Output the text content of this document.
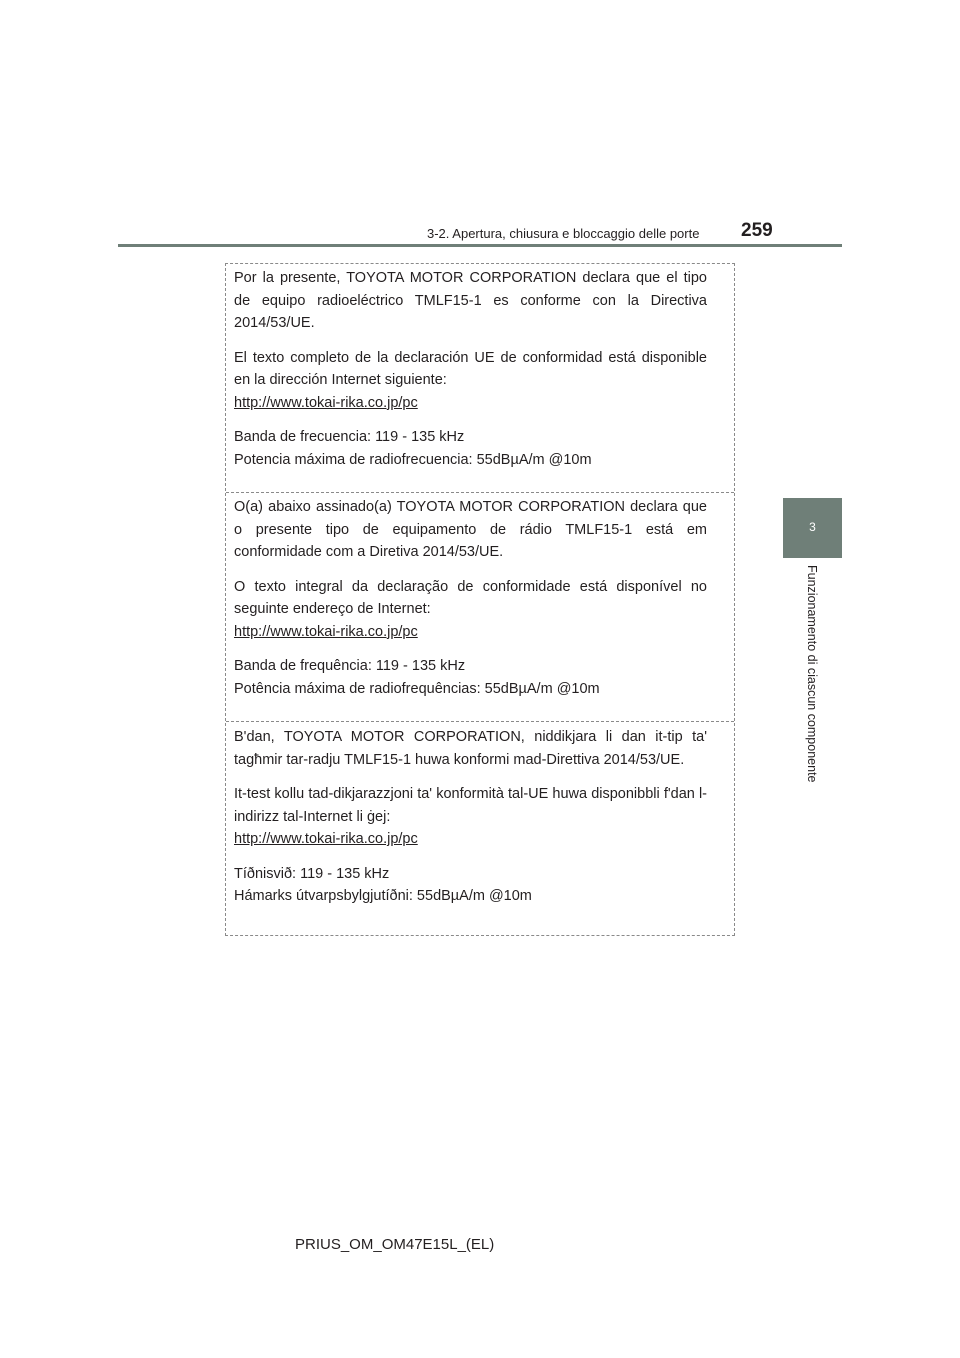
3-2. Apertura, chiusura e bloccaggio delle porte 259
3
Funzionamento di ciascun componente

Por la presente, TOYOTA MOTOR CORPORATION declara que el tipo de equipo radioeléctrico TMLF15-1 es conforme con la Directiva 2014/53/UE.

El texto completo de la declaración UE de conformidad está disponible en la dirección Internet siguiente:

http://www.tokai-rika.co.jp/pc

Banda de frecuencia: 119 - 135 kHz
Potencia máxima de radiofrecuencia: 55dBµA/m @10m

O(a) abaixo assinado(a) TOYOTA MOTOR CORPORATION declara que o presente tipo de equipamento de rádio TMLF15-1 está em conformidade com a Diretiva 2014/53/UE.

O texto integral da declaração de conformidade está disponível no seguinte endereço de Internet:

http://www.tokai-rika.co.jp/pc

Banda de frequência: 119 - 135 kHz
Potência máxima de radiofrequências: 55dBµA/m @10m

B'dan, TOYOTA MOTOR CORPORATION, niddikjara li dan it-tip ta' tagħmir tar-radju TMLF15-1 huwa konformi mad-Direttiva 2014/53/UE.

It-test kollu tad-dikjarazzjoni ta' konformità tal-UE huwa disponibbli f'dan l-indirizz tal-Internet li ġej:

http://www.tokai-rika.co.jp/pc

Tíðnisvið: 119 - 135 kHz
Hámarks útvarpsbylgjutíðni: 55dBµA/m @10m

PRIUS_OM_OM47E15L_(EL)
